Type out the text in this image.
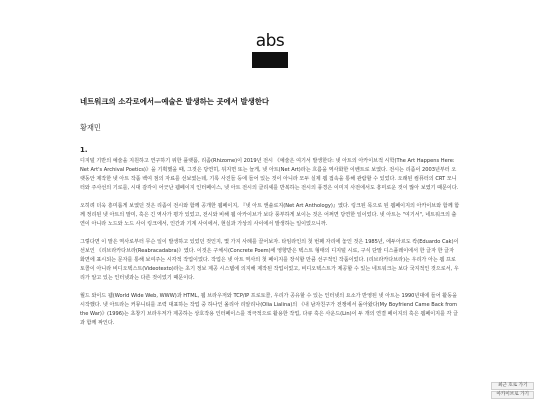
abs
네트워크의 소각로에서—예술은 발생하는 곳에서 발생한다
황재민
1.

디지털 기반의 예술을 지원하고 연구하기 위한 플랫폼, 리좀(Rhizome)이 2019년 전시 《예술은 여기서 발생한다: 넷 아트의 아카이브적 시학(The Art Happens Here: Net Art's Archival Poetics)》을 기획했을 때, 그것은 당연히, 뒤지면 또는 늘게, 넷 아트(Net Art)라는 흐름을 역사화한 이벤트로 보였다. 전시는 리좀이 2003년부터 오랫동안 제작한 넷 아트 작품 백여 점의 자료를 선보였는데, 기록 사진들 등에 들어 있는 것이 아니라 모두 실제 웹 접속을 통해 관람할 수 있었다. 오래된 컴퓨터의 CRT 모니터와 주사선의 기로를, 시대 감각이 어긋난 웹페이지 인터페이스, 넷 아트 전시의 클리셰를 반복하는 전시의 풍경은 이미지 사전에서도 흥미로운 것이 많아 보였기 때문이다.

오히려 더욱 흥미롭게 보였던 것은 리좀이 전시와 함께 공개한 웹페이지, 『넷 아트 앤솔로지(Net Art Anthology)』였다. 링크된 목으로 된 웹페이지의 아카이브와 함께 함께 정리된 넷 아트의 말미, 혹은 긴 역사가 평가 있었고, 전시와 비해 웹 아카이브가 보다 풍부하게 보이는 것은 어쩌면 당연한 일이었다. 넷 아트는 "여기서", 네트워크의 출연이 아니라 노드와 노드 사이 링크에서, 인간과 기계 사이에서, 현실과 가상의 사이에서 발생하는 일이었으니까.

그렇다면 이 말은 역사로부터 무슨 일이 발생하고 있었던 것인지, 몇 가지 사례를 끌어보자. 타임라인의 첫 번째 자리에 놓인 것은 1985년, 에두아르도 칵(Eduardo Cak)이 선보인 《리브라카다브라(Reabracadabra)》였다. 이것은 구체시(Concrete Poem)에 영향받은 텍스트 형태의 디지털 시로, 구식 단말 디스플레이에서 한 글자 한 글자 화면에 표시되는 문자를 통해 보여주는 시각적 작업이었다. 작업은 넷 아트 역사의 첫 페이지를 장식할 만큼 선구적인 작품이었다. (리브라카다브라)는 우리가 아는 웹 프로토콜이 아니라 비디오텍스트(Videotexto)라는 초기 정보 제공 시스템에 의지해 제작된 작업이었고, 비디오텍스트가 제공할 수 있는 네트워크는 보다 국지적인 것으로서, 우리가 알고 있는 인터넷과는 다른 것이었기 때문이다.

월드 와이드 웹(World Wide Web, WWW)과 HTML, 웹 브라우저와 TCP/IP 프로토콜, 우리가 공유할 수 있는 인터넷의 요소가 반영된 넷 아트는 1990년대에 들어 활동을 시작했다. 넷 아트라는 커뮤니티를 조력 대표하는 작업 중 하나인 올리아 리알리나(Olia Lialina)의 《내 남자친구가 전쟁에서 돌아왔다(My Boyfriend Came Back from the War)》(1996)는 초창기 브라우저가 제공하는 상호작용 인터페이스를 적극적으로 활용한 작업, 다큐 혹은 사운드(Lin)이 두 개의 연결 페이지의 혹은 웹페이지를 각 글과 함께 짜인다.

최근 호로 가기
아카이브로 가기
